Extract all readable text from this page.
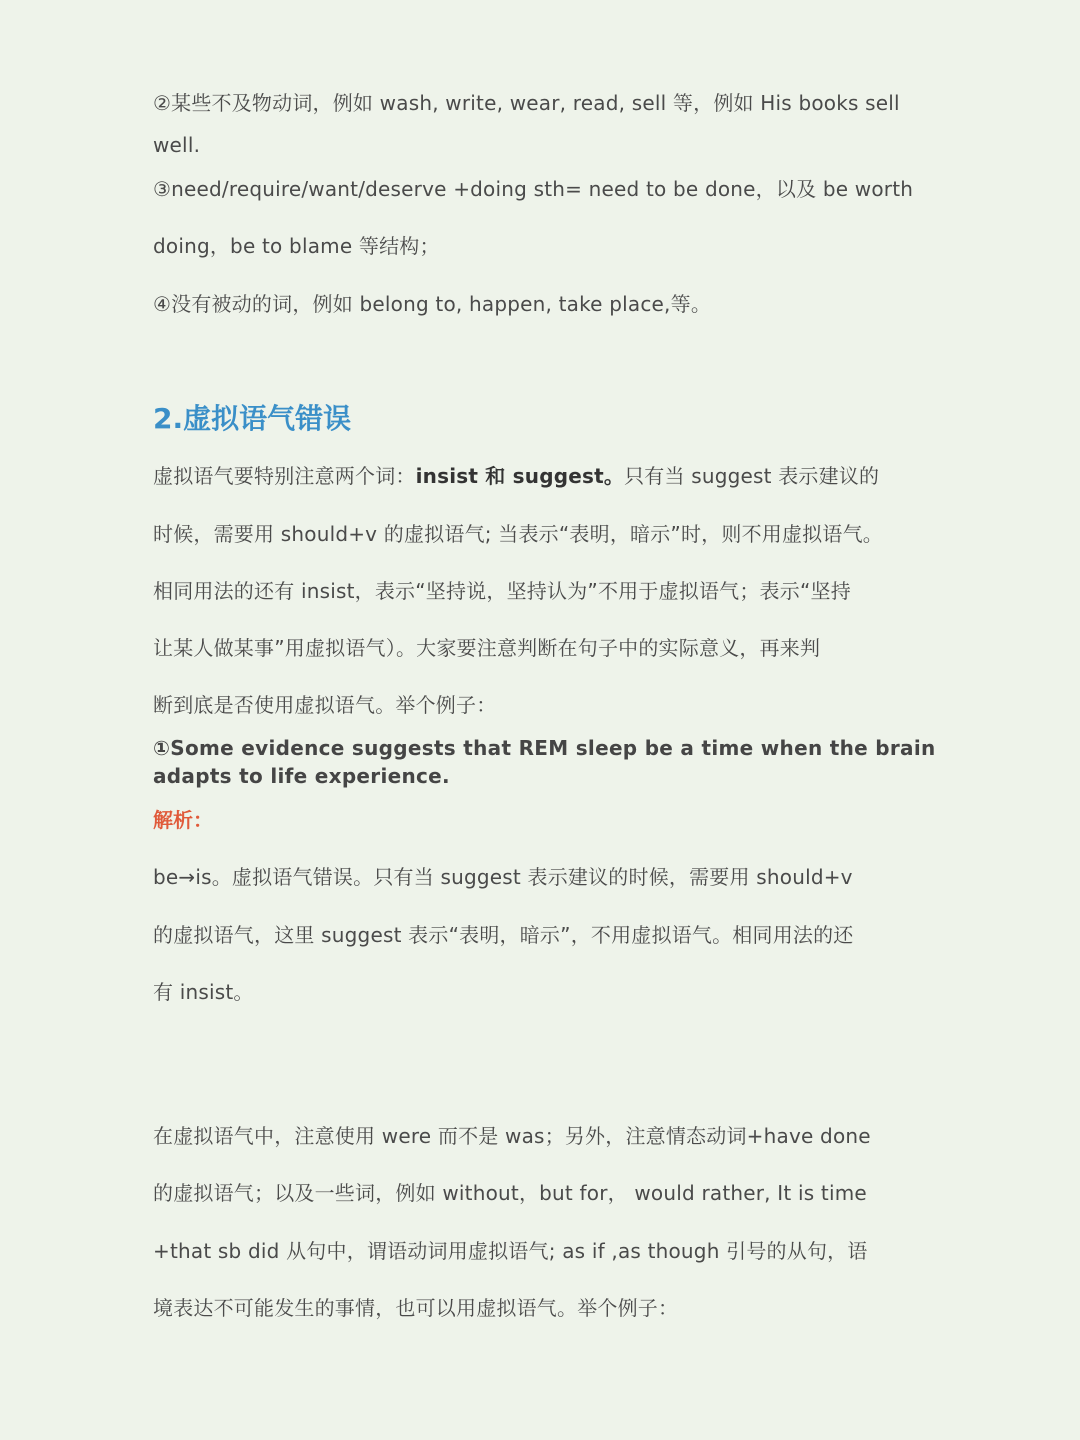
②某些不及物动词，例如 wash, write, wear, read, sell 等，例如 His books sell
well.
③need/require/want/deserve +doing sth= need to be done，以及 be worth
doing，be to blame 等结构；
④没有被动的词，例如 belong to, happen, take place,等。
2.虚拟语气错误
虚拟语气要特别注意两个词：insist 和 suggest。只有当 suggest 表示建议的
时候，需要用 should+v 的虚拟语气; 当表示“表明，暗示”时，则不用虚拟语气。
相同用法的还有 insist，表示“坚持说，坚持认为”不用于虚拟语气；表示“坚持
让某人做某事”用虚拟语气）。大家要注意判断在句子中的实际意义，再来判
断到底是否使用虚拟语气。举个例子：
①Some evidence suggests that REM sleep be a time when the brain
adapts to life experience.
解析：
be→is。虚拟语气错误。只有当 suggest 表示建议的时候，需要用 should+v
的虚拟语气，这里 suggest 表示“表明，暗示”，不用虚拟语气。相同用法的还
有 insist。
在虚拟语气中，注意使用 were 而不是 was；另外，注意情态动词+have done
的虚拟语气；以及一些词，例如 without，but for， would rather, It is time
+that sb did 从句中，谓语动词用虚拟语气; as if ,as though 引号的从句，语
境表达不可能发生的事情，也可以用虚拟语气。举个例子：
